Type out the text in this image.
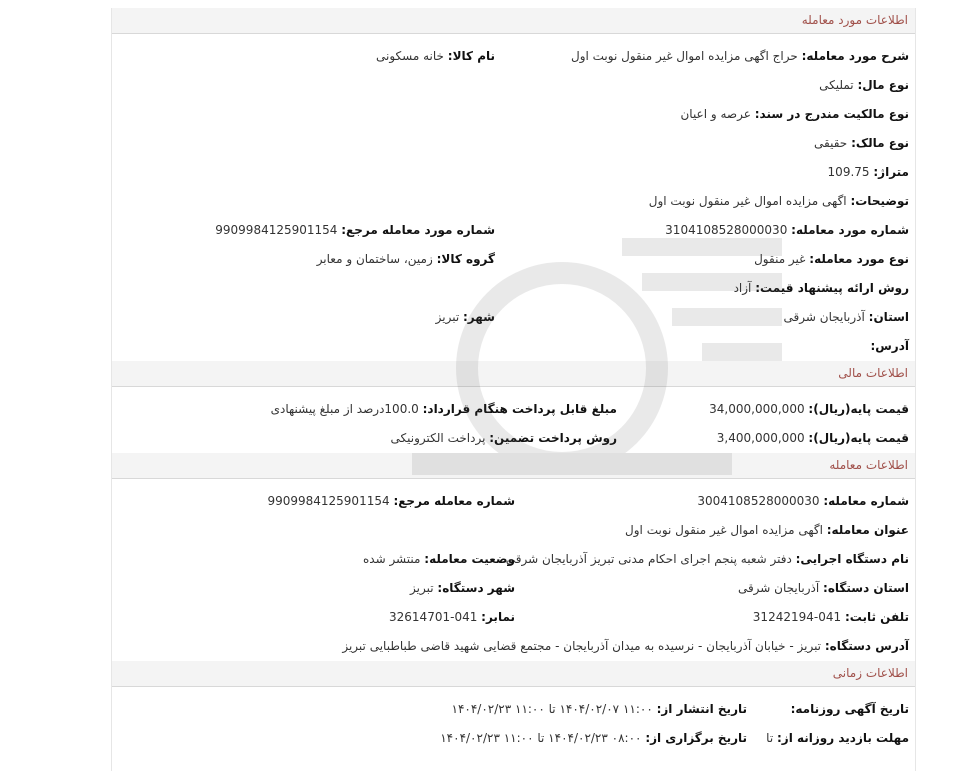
اطلاعات مورد معامله
شرح مورد معامله: حراج اگهی مزایده اموال غیر منقول نوبت اول
نام کالا: خانه مسکونی
نوع مال: تملیکی
نوع مالکیت مندرج در سند: عرصه و اعیان
نوع مالک: حقیقی
متراژ: 109.75
توضیحات: اگهی مزایده اموال غیر منقول نوبت اول
شماره مورد معامله: 3104108528000030
شماره مورد معامله مرجع: 9909984125901154
نوع مورد معامله: غیر منقول
گروه کالا: زمین، ساختمان و معابر
روش ارائه پیشنهاد قیمت: آزاد
استان: آذربایجان شرقی
شهر: تبریز
آدرس:
اطلاعات مالی
قیمت پایه(ریال): 34,000,000,000
مبلغ قابل پرداخت هنگام قرارداد: 100.0درصد از مبلغ پیشنهادی
قیمت پایه(ریال): 3,400,000,000
روش پرداخت تضمین: پرداخت الکترونیکی
اطلاعات معامله
شماره معامله: 3004108528000030
شماره معامله مرجع: 9909984125901154
عنوان معامله: اگهی مزایده اموال غیر منقول نوبت اول
نام دستگاه اجرایی: دفتر شعبه پنجم اجرای احکام مدنی تبریز آذربایجان شرقی
وضعیت معامله: منتشر شده
استان دستگاه: آذربایجان شرقی
شهر دستگاه: تبریز
تلفن ثابت: 041-31242194
نمابر: 041-32614701
آدرس دستگاه: تبریز - خیابان آذربایجان - نرسیده به میدان آذربایجان - مجتمع قضایی شهید قاضی طباطبایی تبریز
اطلاعات زمانی
تاریخ آگهی روزنامه:
تاریخ انتشار از: ۱۱:۰۰ ۱۴۰۴/۰۲/۰۷ تا ۱۱:۰۰ ۱۴۰۴/۰۲/۲۳
مهلت بازدید روزانه از: تا
تاریخ برگزاری از: ۰۸:۰۰ ۱۴۰۴/۰۲/۲۳ تا ۱۱:۰۰ ۱۴۰۴/۰۲/۲۳
